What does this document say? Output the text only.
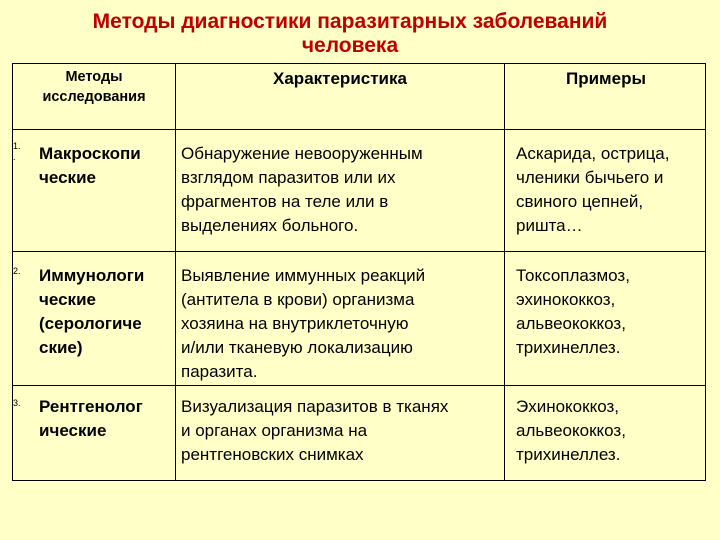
Методы диагностики паразитарных заболеваний
человека
Методы
исследования
Характеристика	Примеры
1.
. Макроскопи
ческие
Обнаружение невооруженным
взглядом паразитов или их
фрагментов на теле или в
выделениях больного.
Аскарида, острица,
членики бычьего и
свиного цепней,
ришта…
2. Иммунологи
ческие
(серологиче
ские)
Выявление иммунных реакций
(антитела в крови) организма
хозяина на внутриклеточную
и/или тканевую локализацию
паразита.
Токсоплазмоз,
эхинококкоз,
альвеококкоз,
трихинеллез.
3. Рентгенолог
ические
Визуализация паразитов в тканях
и органах организма на
рентгеновских снимках
Эхинококкоз,
альвеококкоз,
трихинеллез.
